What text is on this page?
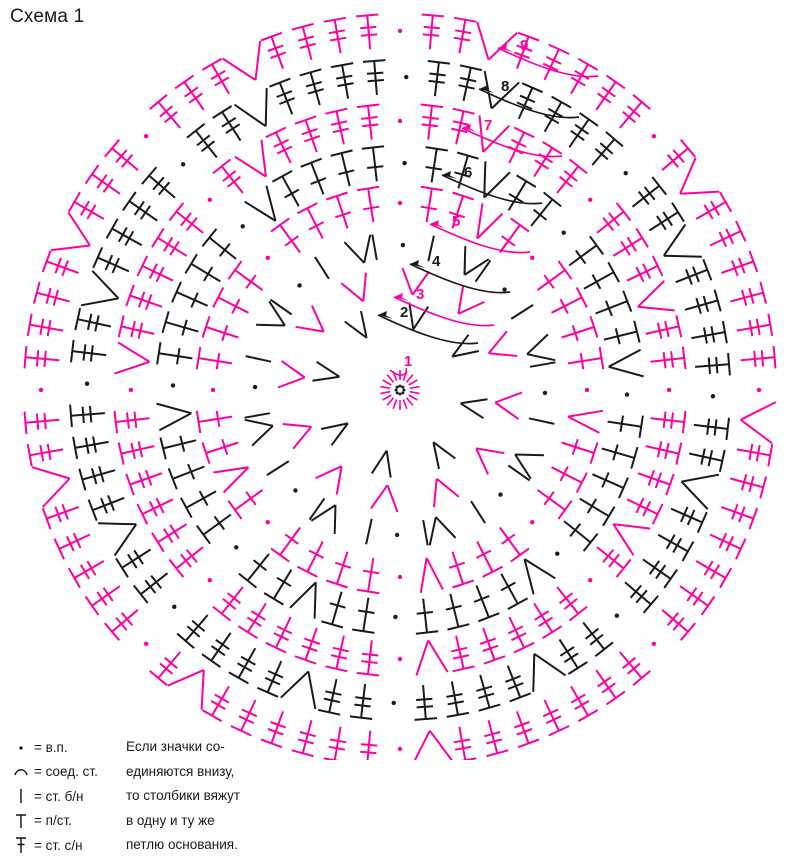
Схема 1
1
2
3
4
5
6
7
8
9
= в.п.
= соед. ст.
= ст. б/н
= п/ст.
= ст. с/н
Если значки со-
единяются внизу,
то столбики вяжут
в одну и ту же
петлю основания.
